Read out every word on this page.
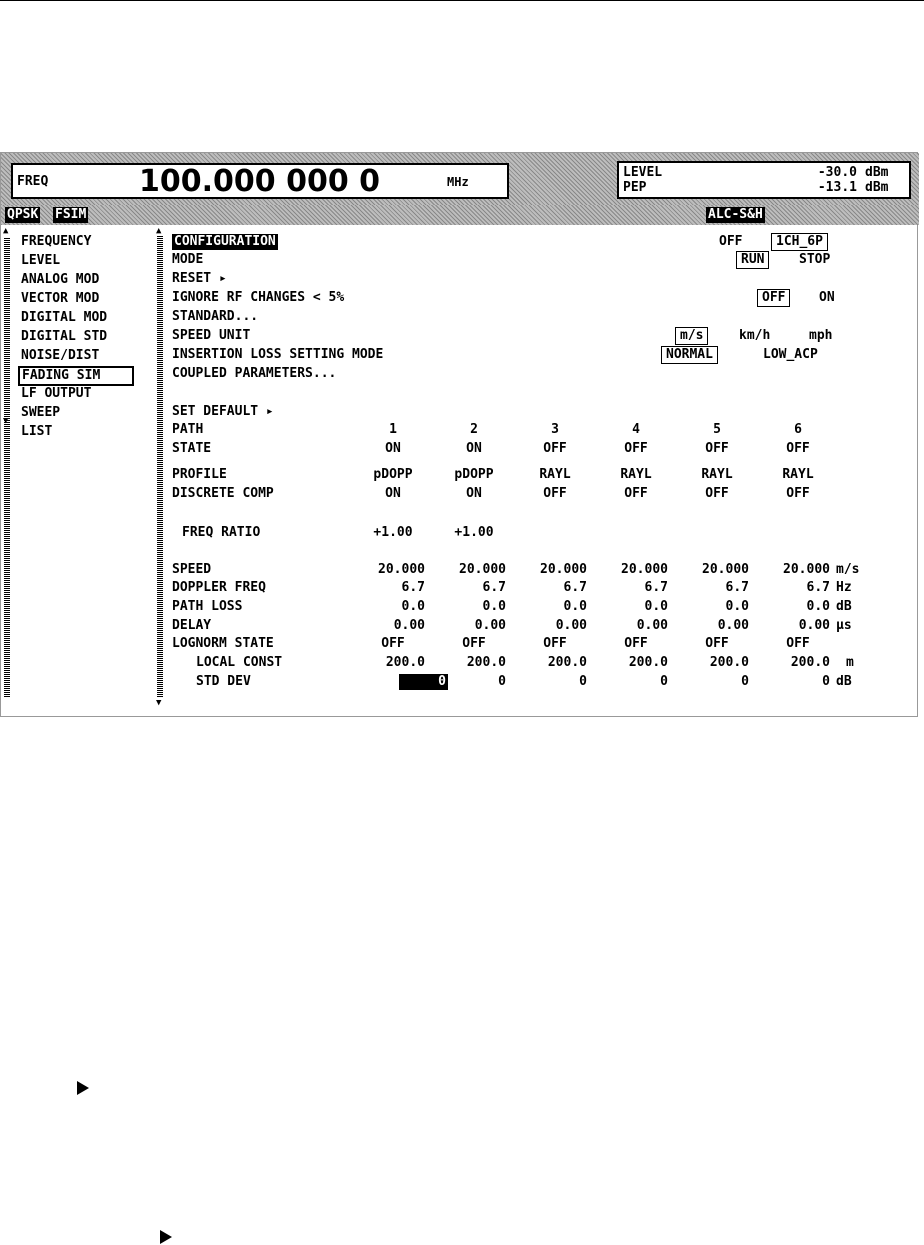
FREQ	100.000 000 0	MHz
LEVEL	-30.0 dBm
PEP	-13.1 dBm
QPSK FSIM	ALC-S&H
▲
▼
FREQUENCY
LEVEL
ANALOG MOD
VECTOR MOD
DIGITAL MOD
DIGITAL STD
NOISE/DIST
FADING SIM
LF OUTPUT
SWEEP
LIST
▲
▼
CONFIGURATION	OFF	1CH_6P
MODE	RUN	STOP
RESET ▸
IGNORE RF CHANGES < 5%	OFF	ON
STANDARD...
SPEED UNIT	m/s	km/h	mph
INSERTION LOSS SETTING MODE	NORMAL	LOW_ACP
COUPLED PARAMETERS...
SET DEFAULT ▸
PATH	1	2	3	4	5	6
STATE	ON	ON	OFF	OFF	OFF	OFF
PROFILE	pDOPP	pDOPP	RAYL	RAYL	RAYL	RAYL
DISCRETE COMP	ON	ON	OFF	OFF	OFF	OFF
FREQ RATIO	+1.00	+1.00
SPEED	20.000	20.000	20.000	20.000	20.000	20.000 m/s
DOPPLER FREQ	6.7	6.7	6.7	6.7	6.7	6.7 Hz
PATH LOSS	0.0	0.0	0.0	0.0	0.0	0.0 dB
DELAY	0.00	0.00	0.00	0.00	0.00	0.00 µs
LOGNORM STATE	OFF	OFF	OFF	OFF	OFF	OFF
LOCAL CONST	200.0	200.0	200.0	200.0	200.0	200.0 m
STD DEV	0	0	0	0	0	0 dB
